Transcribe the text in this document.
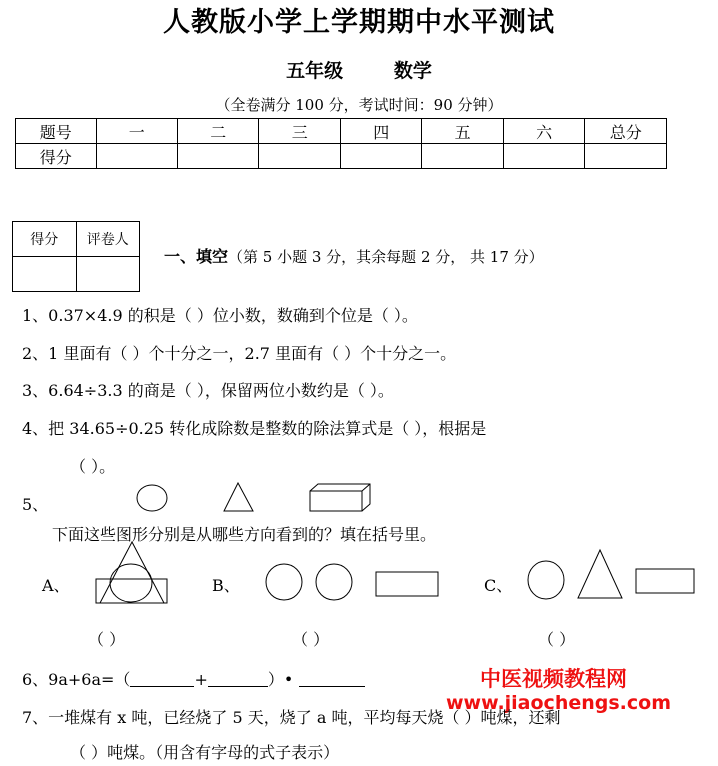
人教版小学上学期期中水平测试
五年级	数学
（全卷满分 100 分，考试时间：90 分钟）
题号	一	二	三	四	五	六	总分
得分							
得分	评卷人

一、填空（第 5 小题 3 分，其余每题 2 分， 共 17 分）
1、0.37×4.9 的积是（ ）位小数，数确到个位是（ ）。
2、1 里面有（ ）个十分之一，2.7 里面有（ ）个十分之一。
3、6.64÷3.3 的商是（ ），保留两位小数约是（ ）。
4、把 34.65÷0.25 转化成除数是整数的除法算式是（ ），根据是
（ ）。
5、
下面这些图形分别是从哪些方向看到的？填在括号里。
A、	B、	C、
（ ）	（ ）	（ ）
6、9a+6a=（	+	）•	中医视频教程网
www.jiaochengs.com
7、一堆煤有 x 吨，已经烧了 5 天，烧了 a 吨，平均每天烧（ ）吨煤，还剩
（ ）吨煤。（用含有字母的式子表示）
